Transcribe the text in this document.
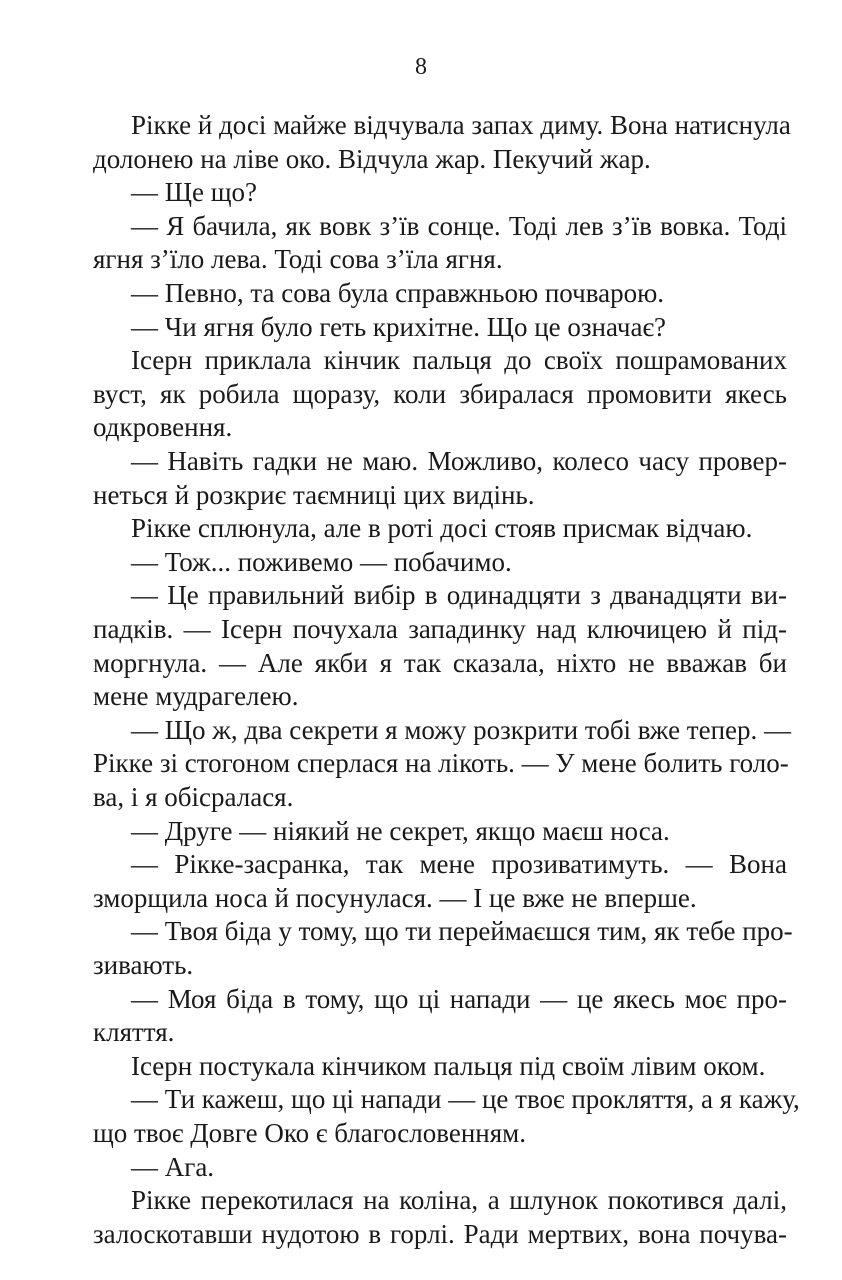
8
Рікке й досі майже відчувала запах диму. Вона натиснула
долонею на ліве око. Відчула жар. Пекучий жар.
— Ще що?
— Я бачила, як вовк з’їв сонце. Тоді лев з’їв вовка. Тоді
ягня з’їло лева. Тоді сова з’їла ягня.
— Певно, та сова була справжньою почварою.
— Чи ягня було геть крихітне. Що це означає?
Ісерн приклала кінчик пальця до своїх пошрамованих
вуст, як робила щоразу, коли збиралася промовити якесь
одкровення.
— Навіть гадки не маю. Можливо, колесо часу провер-
неться й розкриє таємниці цих видінь.
Рікке сплюнула, але в роті досі стояв присмак відчаю.
— Тож... поживемо — побачимо.
— Це правильний вибір в одинадцяти з дванадцяти ви-
падків. — Ісерн почухала западинку над ключицею й під-
моргнула. — Але якби я так сказала, ніхто не вважав би
мене мудрагелею.
— Що ж, два секрети я можу розкрити тобі вже тепер. —
Рікке зі стогоном сперлася на лікоть. — У мене болить голо-
ва, і я обісралася.
— Друге — ніякий не секрет, якщо маєш носа.
— Рікке-засранка, так мене прозиватимуть. — Вона
зморщила носа й посунулася. — І це вже не вперше.
— Твоя біда у тому, що ти переймаєшся тим, як тебе про-
зивають.
— Моя біда в тому, що ці напади — це якесь моє про-
кляття.
Ісерн постукала кінчиком пальця під своїм лівим оком.
— Ти кажеш, що ці напади — це твоє прокляття, а я кажу,
що твоє Довге Око є благословенням.
— Ага.
Рікке перекотилася на коліна, а шлунок покотився далі,
залоскотавши нудотою в горлі. Ради мертвих, вона почува-
